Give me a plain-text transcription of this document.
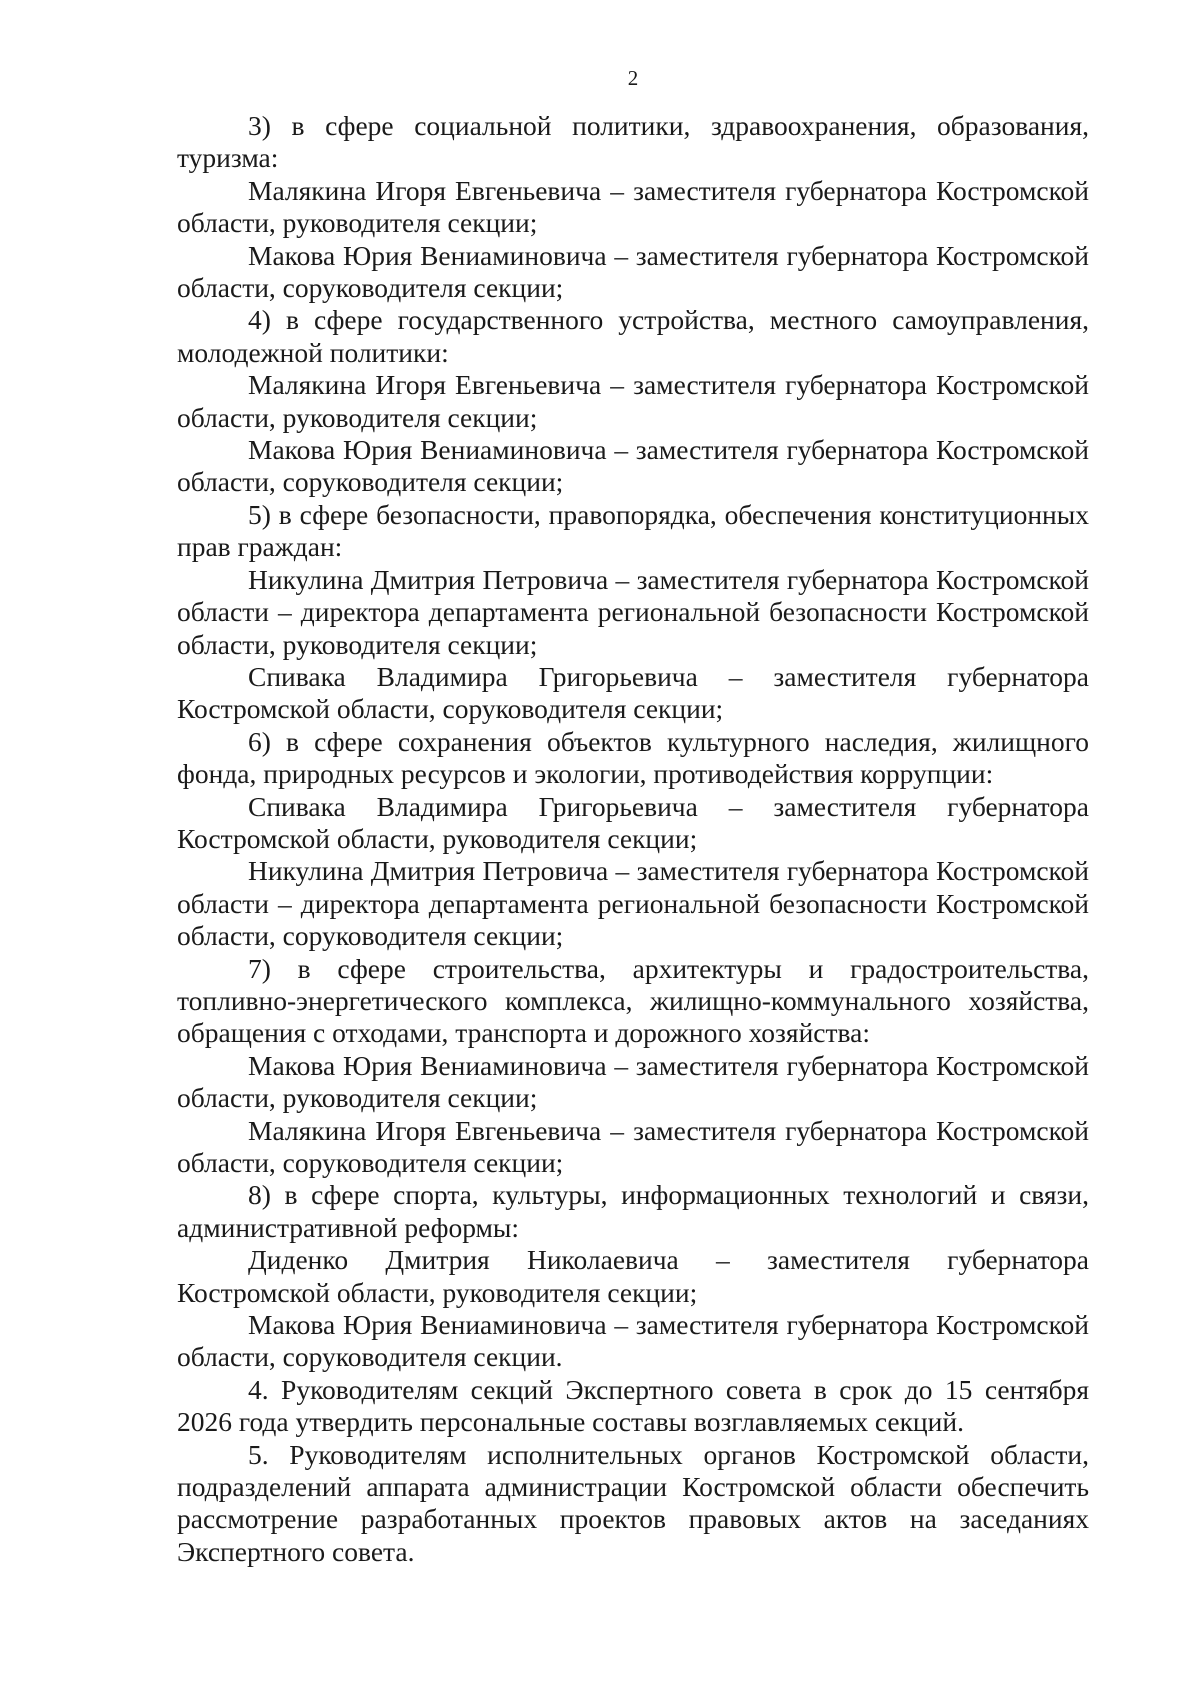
2

3) в сфере социальной политики, здравоохранения, образования, туризма:

Малякина Игоря Евгеньевича – заместителя губернатора Костромской области, руководителя секции;

Макова Юрия Вениаминовича – заместителя губернатора Костромской области, соруководителя секции;

4) в сфере государственного устройства, местного самоуправления, молодежной политики:

Малякина Игоря Евгеньевича – заместителя губернатора Костромской области, руководителя секции;

Макова Юрия Вениаминовича – заместителя губернатора Костромской области, соруководителя секции;

5) в сфере безопасности, правопорядка, обеспечения конституционных прав граждан:

Никулина Дмитрия Петровича – заместителя губернатора Костромской области – директора департамента региональной безопасности Костромской области, руководителя секции;

Спивака Владимира Григорьевича – заместителя губернатора Костромской области, соруководителя секции;

6) в сфере сохранения объектов культурного наследия, жилищного фонда, природных ресурсов и экологии, противодействия коррупции:

Спивака Владимира Григорьевича – заместителя губернатора Костромской области, руководителя секции;

Никулина Дмитрия Петровича – заместителя губернатора Костромской области – директора департамента региональной безопасности Костромской области, соруководителя секции;

7) в сфере строительства, архитектуры и градостроительства, топливно-энергетического комплекса, жилищно-коммунального хозяйства, обращения с отходами, транспорта и дорожного хозяйства:

Макова Юрия Вениаминовича – заместителя губернатора Костромской области, руководителя секции;

Малякина Игоря Евгеньевича – заместителя губернатора Костромской области, соруководителя секции;

8) в сфере спорта, культуры, информационных технологий и связи, административной реформы:

Диденко Дмитрия Николаевича – заместителя губернатора Костромской области, руководителя секции;

Макова Юрия Вениаминовича – заместителя губернатора Костромской области, соруководителя секции.

4. Руководителям секций Экспертного совета в срок до 15 сентября 2026 года утвердить персональные составы возглавляемых секций.

5. Руководителям исполнительных органов Костромской области, подразделений аппарата администрации Костромской области обеспечить рассмотрение разработанных проектов правовых актов на заседаниях Экспертного совета.
